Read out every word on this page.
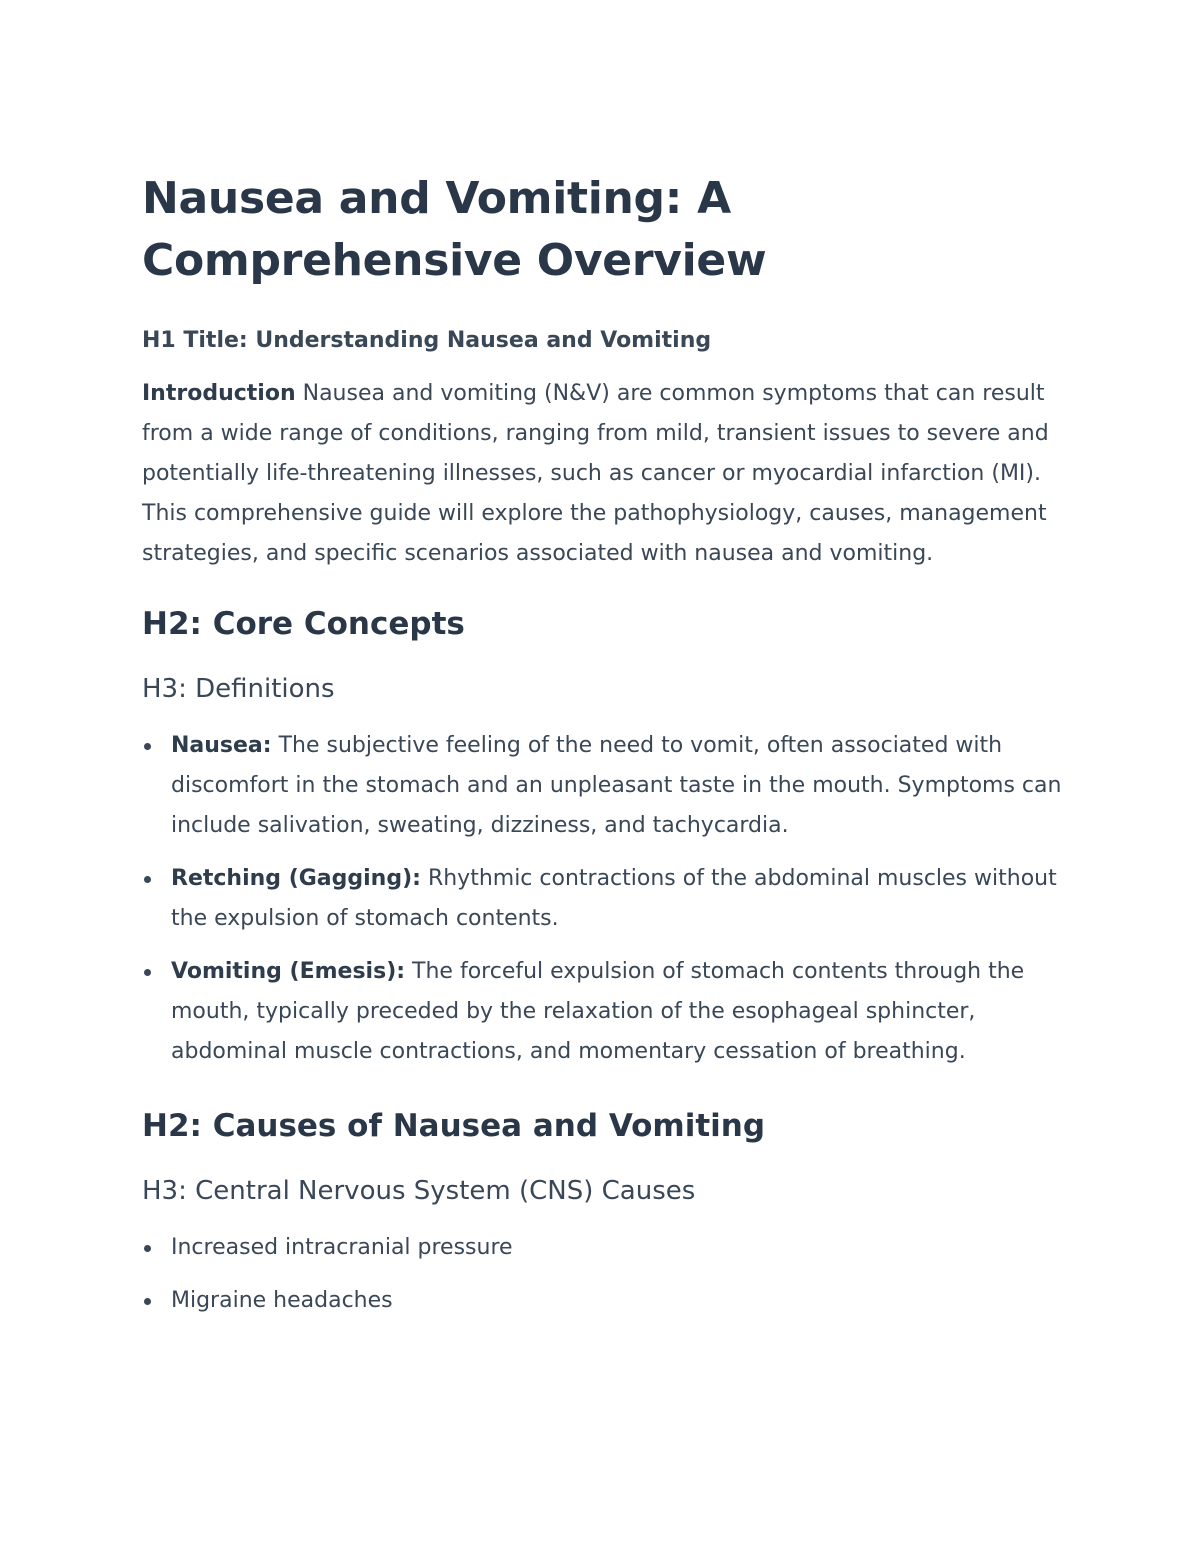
Nausea and Vomiting: A Comprehensive Overview

H1 Title: Understanding Nausea and Vomiting

Introduction Nausea and vomiting (N&V) are common symptoms that can result from a wide range of conditions, ranging from mild, transient issues to severe and potentially life-threatening illnesses, such as cancer or myocardial infarction (MI). This comprehensive guide will explore the pathophysiology, causes, management strategies, and specific scenarios associated with nausea and vomiting.

H2: Core Concepts
H3: Definitions
Nausea: The subjective feeling of the need to vomit, often associated with discomfort in the stomach and an unpleasant taste in the mouth. Symptoms can include salivation, sweating, dizziness, and tachycardia.
Retching (Gagging): Rhythmic contractions of the abdominal muscles without the expulsion of stomach contents.
Vomiting (Emesis): The forceful expulsion of stomach contents through the mouth, typically preceded by the relaxation of the esophageal sphincter, abdominal muscle contractions, and momentary cessation of breathing.
H2: Causes of Nausea and Vomiting
H3: Central Nervous System (CNS) Causes
Increased intracranial pressure
Migraine headaches
